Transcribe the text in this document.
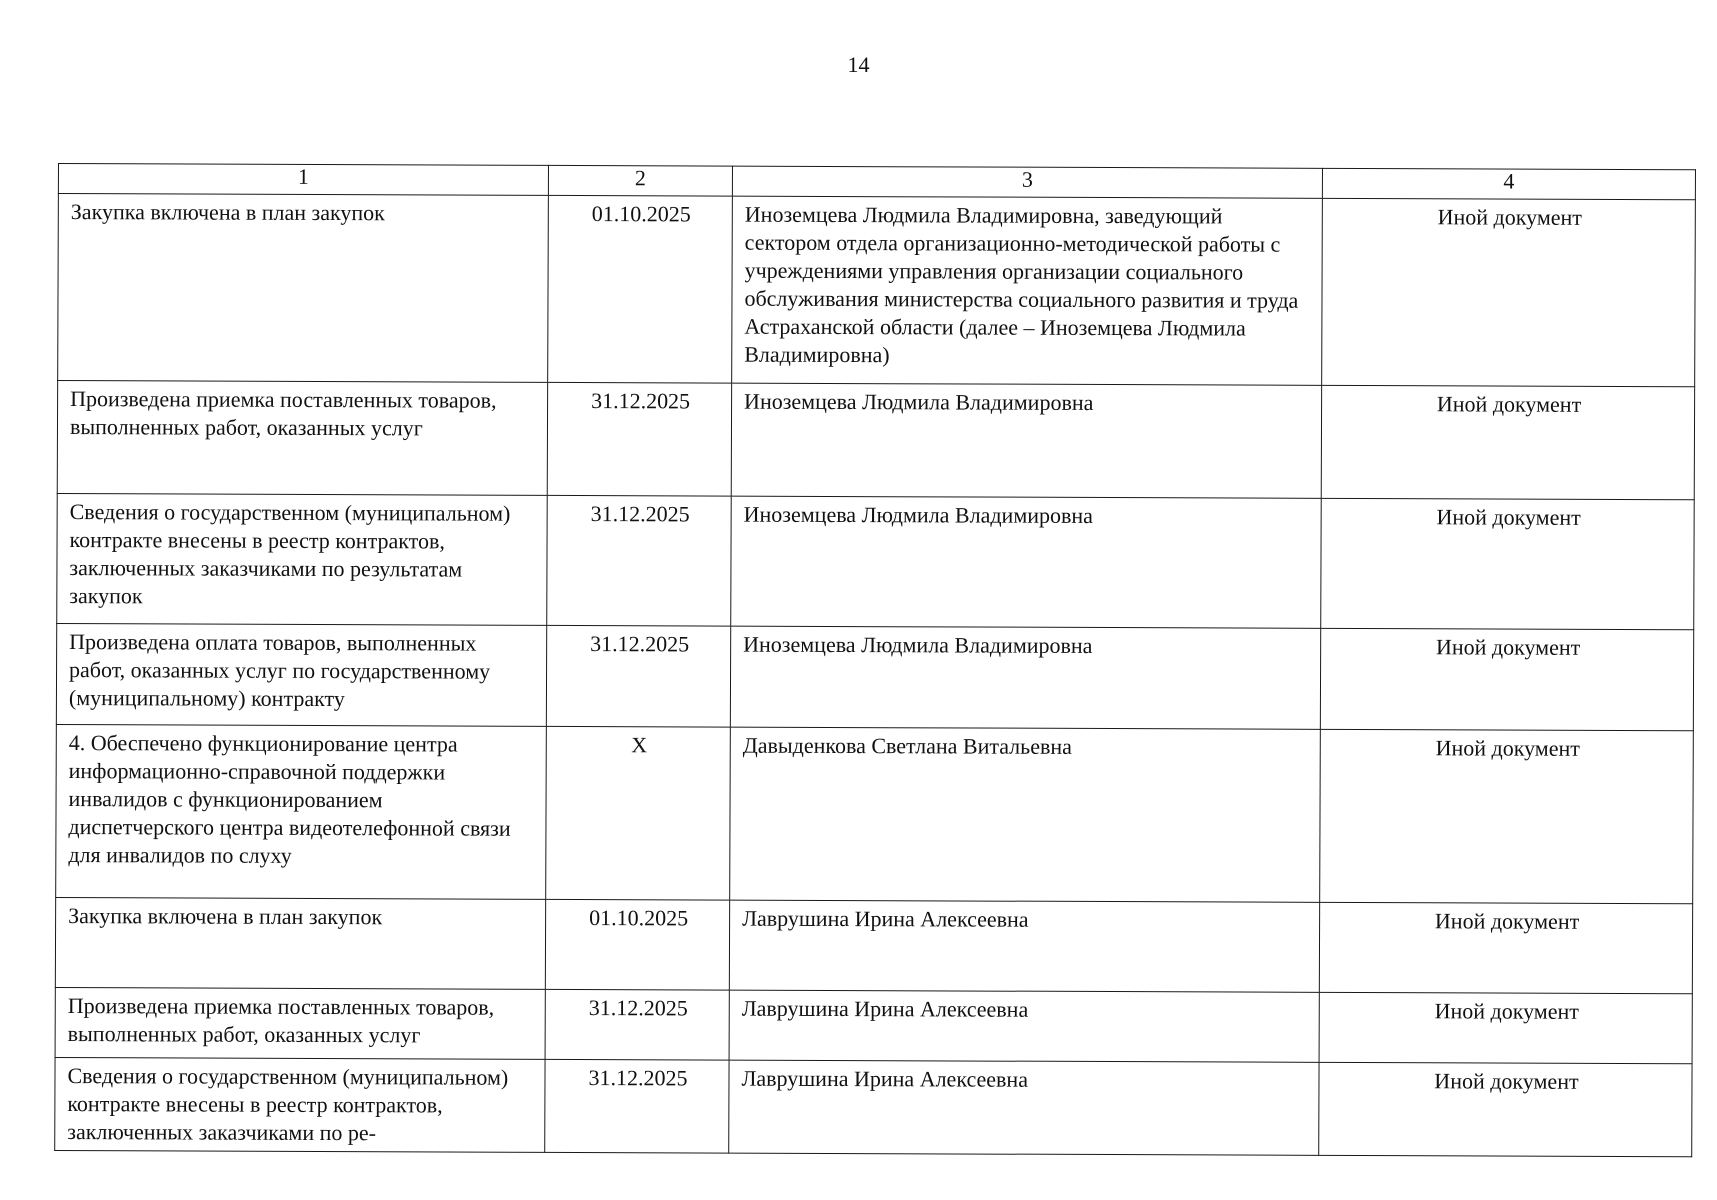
14
1	2	3	4
Закупка включена в план закупок	01.10.2025	Иноземцева Людмила Владимировна, заведующий сектором отдела организационно-методической работы с учреждениями управления организации социального обслуживания министерства социального развития и труда Астраханской области (далее – Иноземцева Людмила Владимировна)	Иной документ
Произведена приемка поставленных товаров, выполненных работ, оказанных услуг	31.12.2025	Иноземцева Людмила Владимировна	Иной документ
Сведения о государственном (муниципальном) контракте внесены в реестр контрактов, заключенных заказчиками по результатам закупок	31.12.2025	Иноземцева Людмила Владимировна	Иной документ
Произведена оплата товаров, выполненных работ, оказанных услуг по государственному (муниципальному) контракту	31.12.2025	Иноземцева Людмила Владимировна	Иной документ
4. Обеспечено функционирование центра информационно-справочной поддержки инвалидов с функционированием диспетчерского центра видеотелефонной связи для инвалидов по слуху	Х	Давыденкова Светлана Витальевна	Иной документ
Закупка включена в план закупок	01.10.2025	Лаврушина Ирина Алексеевна	Иной документ
Произведена приемка поставленных товаров, выполненных работ, оказанных услуг	31.12.2025	Лаврушина Ирина Алексеевна	Иной документ
Сведения о государственном (муниципальном) контракте внесены в реестр контрактов, заключенных заказчиками по ре-	31.12.2025	Лаврушина Ирина Алексеевна	Иной документ
